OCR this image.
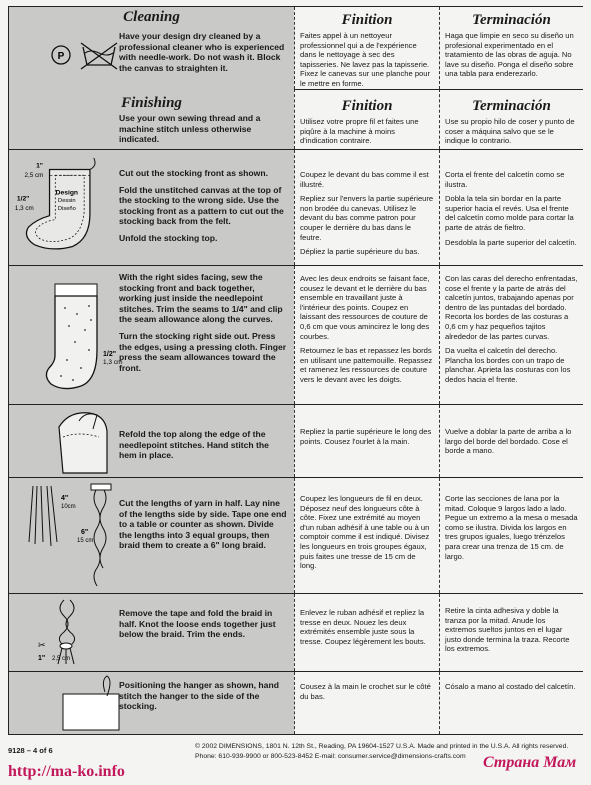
Cleaning
P

Have your design dry cleaned by a professional cleaner who is experienced with needle-work. Do not wash it. Block the canvas to straighten it.

Finition

Faites appel à un nettoyeur professionnel qui a de l'expérience dans le nettoyage à sec des tapisseries. Ne lavez pas la tapisserie. Fixez le canevas sur une planche pour le mettre en forme.

Terminación

Haga que limpie en seco su diseño un profesional experimentado en el tratamiento de las obras de aguja. No lave su diseño. Ponga el diseño sobre una tabla para enderezarlo.

Finishing

Use your own sewing thread and a machine stitch unless otherwise indicated.

Finition

Utilisez votre propre fil et faites une piqûre à la machine à moins d'indication contraire.

Terminación

Use su propio hilo de coser y punto de coser a máquina salvo que se le indique lo contrario.

1"
2,5 cm
1/2"
1,3 cm
Design
Dessin
Diseño

Cut out the stocking front as shown.

Fold the unstitched canvas at the top of the stocking to the wrong side. Use the stocking front as a pattern to cut out the stocking back from the felt.

Unfold the stocking top.

Coupez le devant du bas comme il est illustré.

Repliez sur l'envers la partie supérieure non brodée du canevas. Utilisez le devant du bas comme patron pour couper le derrière du bas dans le feutre.

Dépliez la partie supérieure du bas.

Corta el frente del calcetín como se ilustra.

Dobla la tela sin bordar en la parte superior hacia el revés. Usa el frente del calcetín como molde para cortar la parte de atrás de fieltro.

Desdobla la parte superior del calcetín.

1/2"
1,3 cm

With the right sides facing, sew the stocking front and back together, working just inside the needlepoint stitches. Trim the seams to 1/4" and clip the seam allowance along the curves.

Turn the stocking right side out. Press the edges, using a pressing cloth. Finger press the seam allowances toward the front.

Avec les deux endroits se faisant face, cousez le devant et le derrière du bas ensemble en travaillant juste à l'intérieur des points. Coupez en laissant des ressources de couture de 0,6 cm que vous amincirez le long des courbes.

Retournez le bas et repassez les bords en utilisant une pattemouille. Repassez et ramenez les ressources de couture vers le devant avec les doigts.

Con las caras del derecho enfrentadas, cose el frente y la parte de atrás del calcetín juntos, trabajando apenas por dentro de las puntadas del bordado. Recorta los bordes de las costuras a 0,6 cm y haz pequeños tajitos alrededor de las partes curvas.

Da vuelta el calcetín del derecho. Plancha los bordes con un trapo de planchar. Aprieta las costuras con los dedos hacia el frente.

Refold the top along the edge of the needlepoint stitches. Hand stitch the hem in place.

Repliez la partie supérieure le long des points. Cousez l'ourlet à la main.

Vuelve a doblar la parte de arriba a lo largo del borde del bordado. Cose el borde a mano.

4"
10cm
6"
15 cm

Cut the lengths of yarn in half. Lay nine of the lengths side by side. Tape one end to a table or counter as shown. Divide the lengths into 3 equal groups, then braid them to create a 6" long braid.

Coupez les longueurs de fil en deux. Déposez neuf des longueurs côte à côte. Fixez une extrémité au moyen d'un ruban adhésif à une table ou à un comptoir comme il est indiqué. Divisez les longueurs en trois groupes égaux, puis faites une tresse de 15 cm de long.

Corte las secciones de lana por la mitad. Coloque 9 largos lado a lado. Pegue un extremo a la mesa o mesada como se ilustra. Divida los largos en tres grupos iguales, luego trénzelos para crear una trenza de 15 cm. de largo.

✂
1" 2,5 cm

Remove the tape and fold the braid in half. Knot the loose ends together just below the braid. Trim the ends.

Enlevez le ruban adhésif et repliez la tresse en deux. Nouez les deux extrémités ensemble juste sous la tresse. Coupez légèrement les bouts.

Retire la cinta adhesiva y doble la tranza por la mitad. Anude los extremos sueltos juntos en el lugar justo donde termina la traza. Recorte los extremos.

Positioning the hanger as shown, hand stitch the hanger to the side of the stocking.

Cousez à la main le crochet sur le côté du bas.

Cósalo a mano al costado del calcetín.

9128 – 4 of 6	© 2002 DIMENSIONS, 1801 N. 12th St., Reading, PA 19604-1527 U.S.A. Made and printed in the U.S.A. All rights reserved.
Phone: 610-939-9900 or 800-523-8452 E-mail: consumer.service@dimensions-crafts.com
http://ma-ko.info
Страна Мам
